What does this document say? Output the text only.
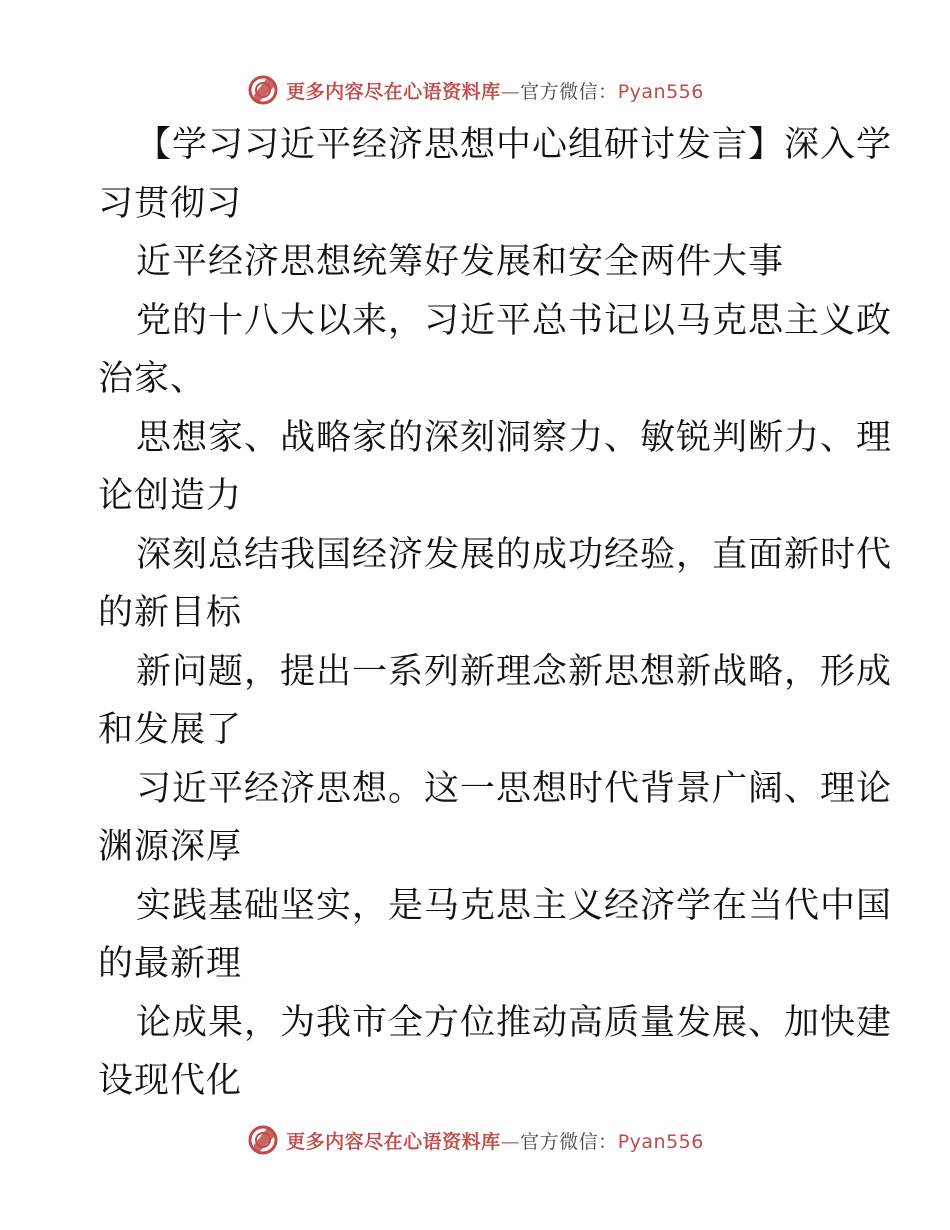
更多内容尽在心语资料库—官方微信：Pyan556
【学习习近平经济思想中心组研讨发言】深入学
习贯彻习
近平经济思想统筹好发展和安全两件大事
党的十八大以来，习近平总书记以马克思主义政
治家、
思想家、战略家的深刻洞察力、敏锐判断力、理
论创造力
深刻总结我国经济发展的成功经验，直面新时代
的新目标
新问题，提出一系列新理念新思想新战略，形成
和发展了
习近平经济思想。这一思想时代背景广阔、理论
渊源深厚
实践基础坚实，是马克思主义经济学在当代中国
的最新理
论成果，为我市全方位推动高质量发展、加快建
设现代化
更多内容尽在心语资料库—官方微信：Pyan556
